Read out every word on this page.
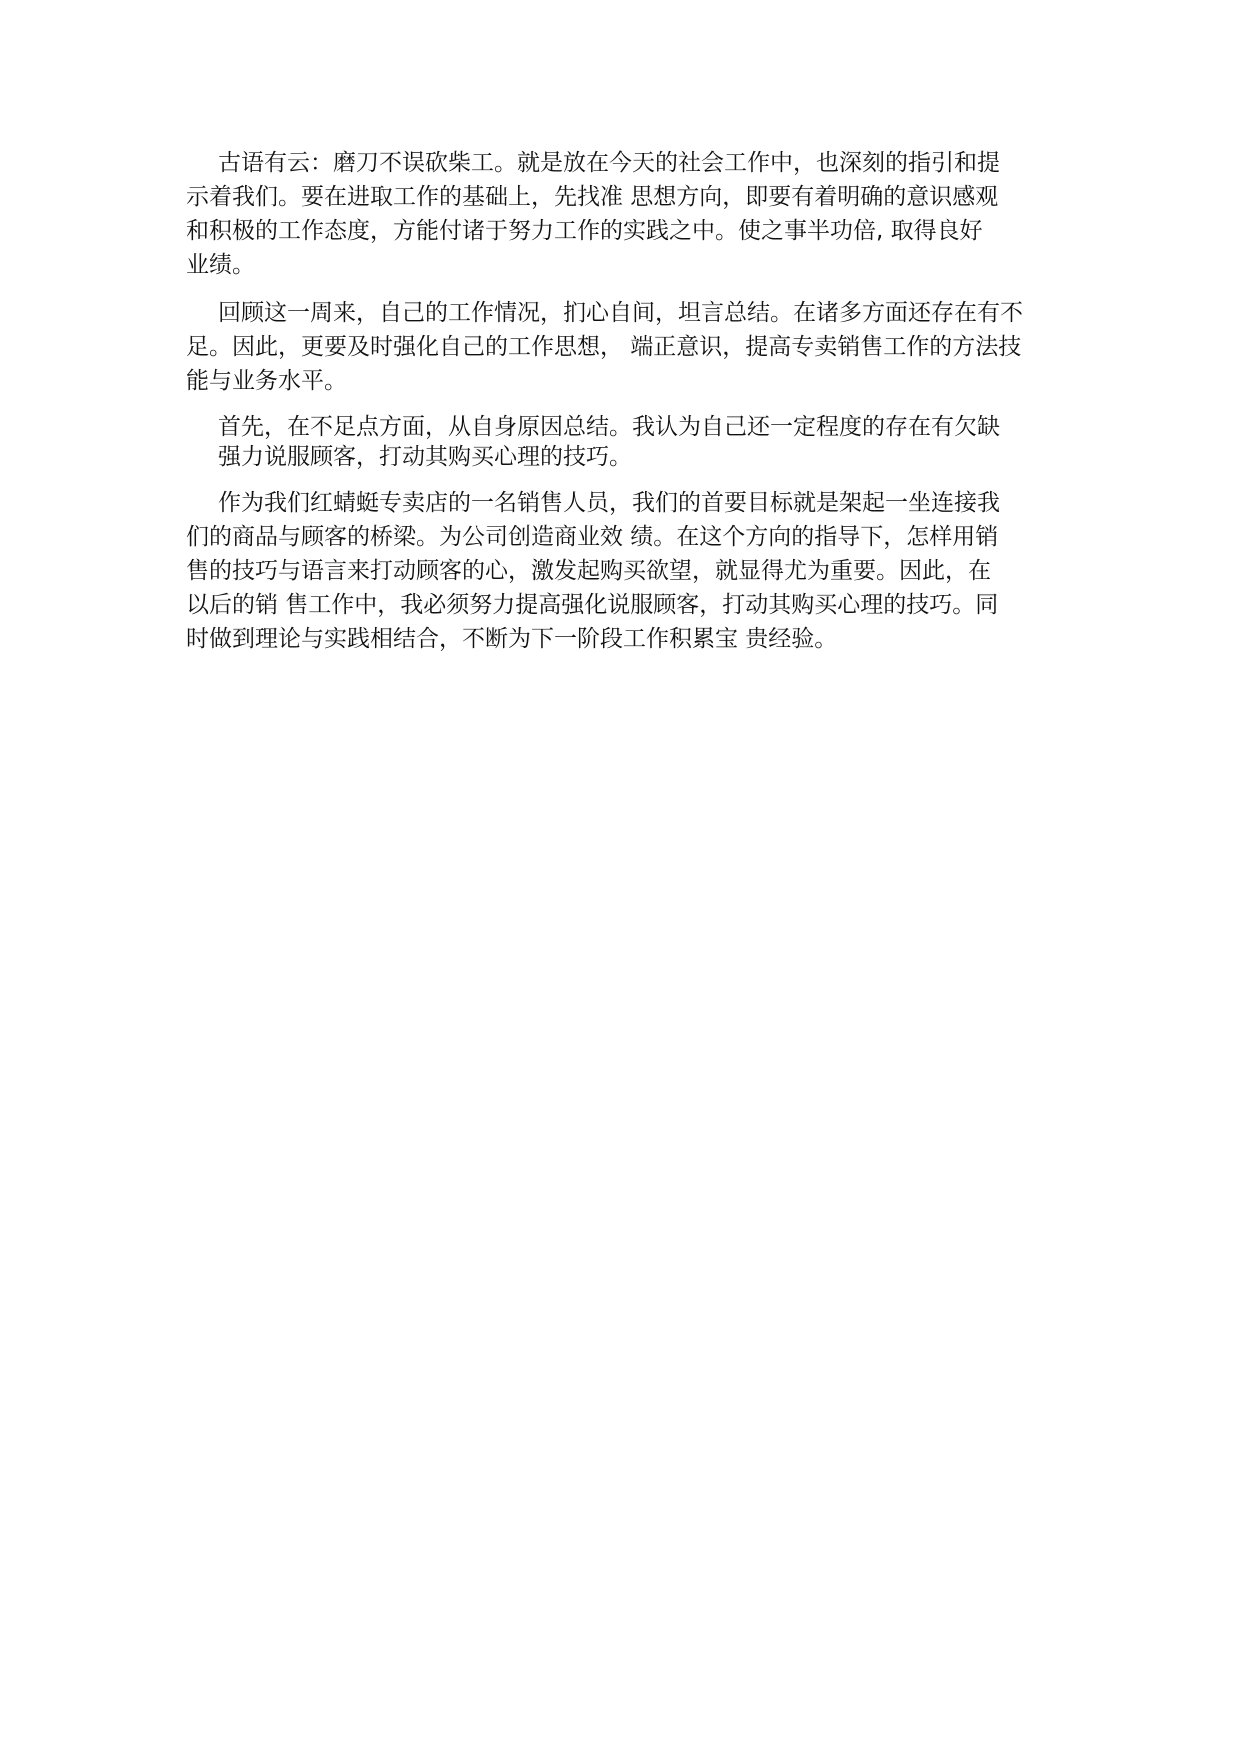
古语有云：磨刀不误砍柴工。就是放在今天的社会工作中，也深刻的指引和提
示着我们。要在进取工作的基础上，先找准 思想方向，即要有着明确的意识感观
和积极的工作态度，方能付诸于努力工作的实践之中。使之事半功倍, 取得良好
业绩。
回顾这一周来，自己的工作情况，扪心自间，坦言总结。在诸多方面还存在有不
足。因此，更要及时强化自己的工作思想， 端正意识，提高专卖销售工作的方法技
能与业务水平。
首先，在不足点方面，从自身原因总结。我认为自己还一定程度的存在有欠缺
强力说服顾客，打动其购买心理的技巧。
作为我们红蜻蜓专卖店的一名销售人员，我们的首要目标就是架起一坐连接我
们的商品与顾客的桥梁。为公司创造商业效 绩。在这个方向的指导下，怎样用销
售的技巧与语言来打动顾客的心，激发起购买欲望，就显得尤为重要。因此，在
以后的销 售工作中，我必须努力提高强化说服顾客，打动其购买心理的技巧。同
时做到理论与实践相结合，不断为下一阶段工作积累宝 贵经验。
